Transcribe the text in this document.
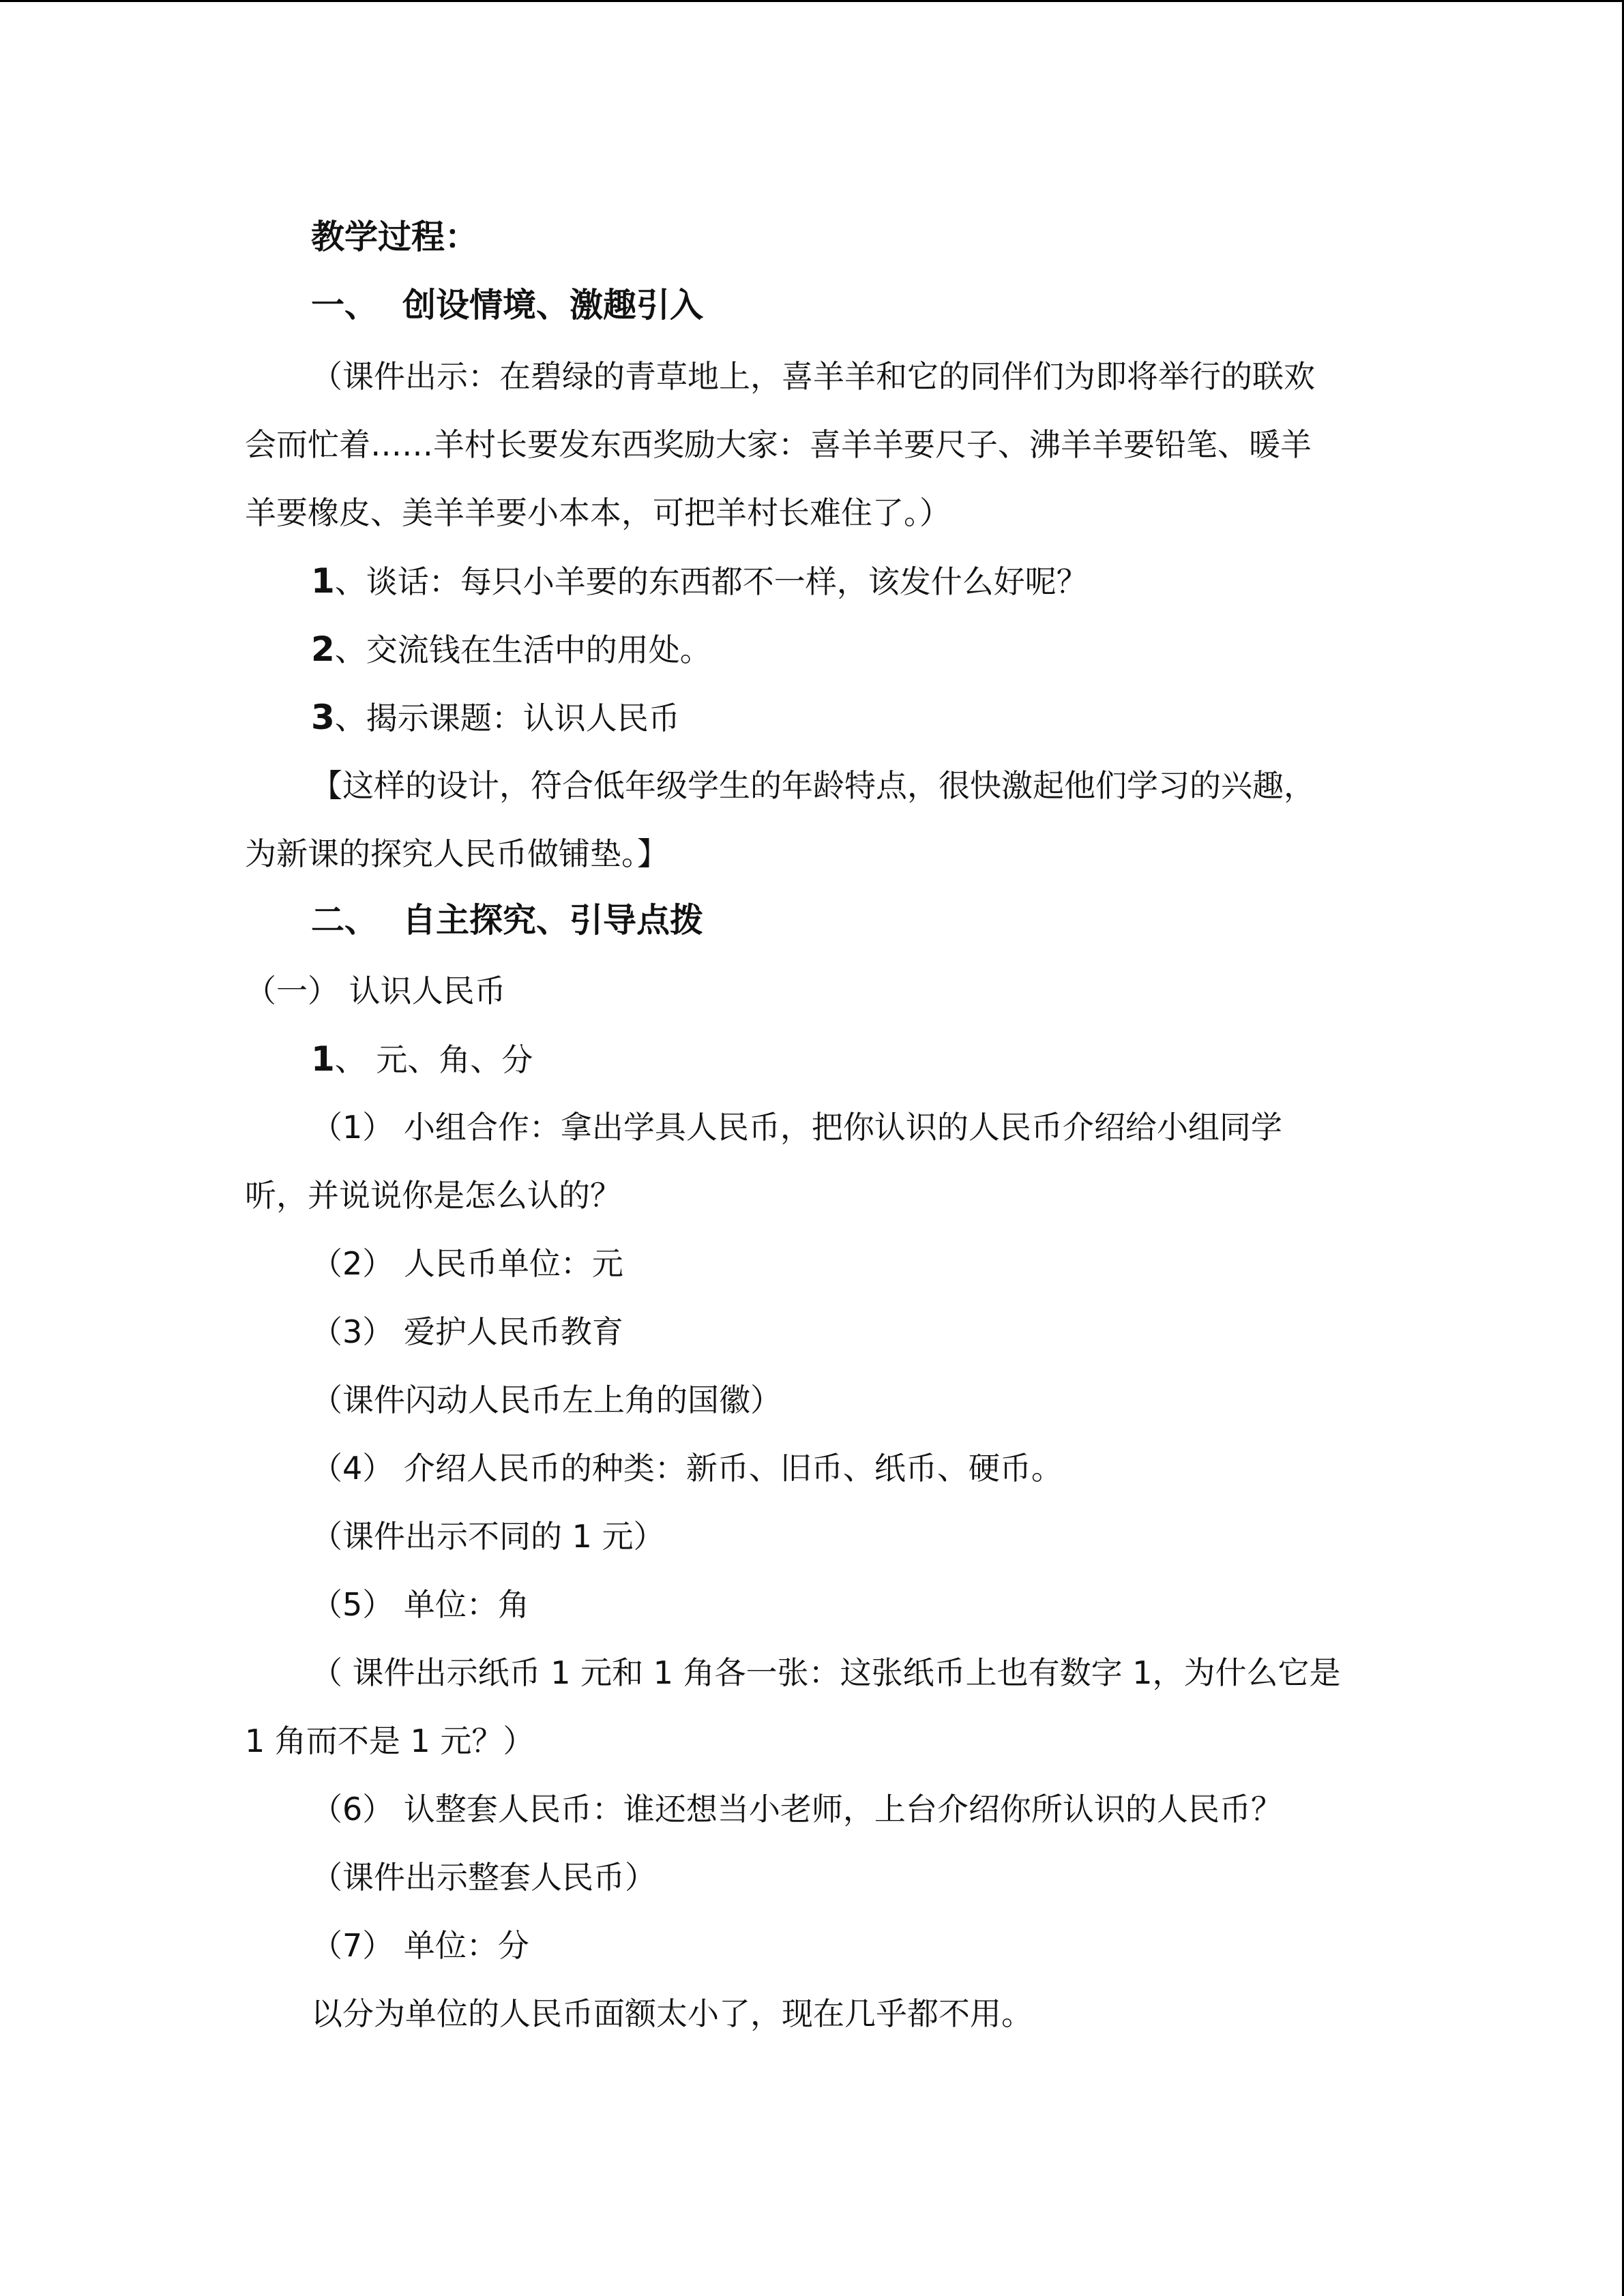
教学过程：
一、 创设情境、激趣引入
（课件出示：在碧绿的青草地上，喜羊羊和它的同伴们为即将举行的联欢
会而忙着……羊村长要发东西奖励大家：喜羊羊要尺子、沸羊羊要铅笔、暖羊
羊要橡皮、美羊羊要小本本，可把羊村长难住了。）
1、谈话：每只小羊要的东西都不一样，该发什么好呢？
2、交流钱在生活中的用处。
3、揭示课题：认识人民币
【这样的设计，符合低年级学生的年龄特点，很快激起他们学习的兴趣，
为新课的探究人民币做铺垫。】
二、 自主探究、引导点拨
（一） 认识人民币
1、 元、角、分
（1） 小组合作：拿出学具人民币，把你认识的人民币介绍给小组同学
听，并说说你是怎么认的？
（2） 人民币单位：元
（3） 爱护人民币教育
（课件闪动人民币左上角的国徽）
（4） 介绍人民币的种类：新币、旧币、纸币、硬币。
（课件出示不同的 1 元）
（5） 单位：角
（ 课件出示纸币 1 元和 1 角各一张：这张纸币上也有数字 1，为什么它是
1 角而不是 1 元？）
（6） 认整套人民币：谁还想当小老师，上台介绍你所认识的人民币？
（课件出示整套人民币）
（7） 单位：分
以分为单位的人民币面额太小了，现在几乎都不用。
